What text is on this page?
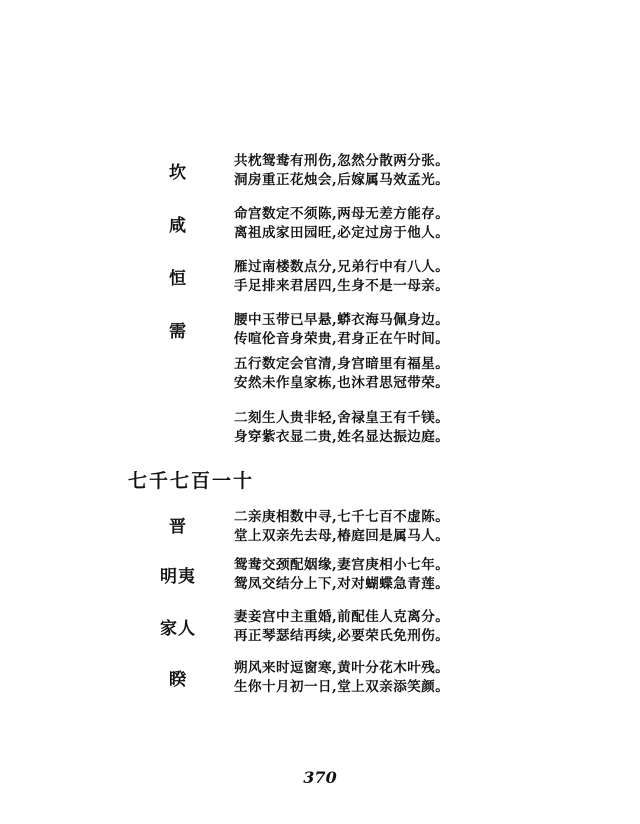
坎
共枕鸳鸯有刑伤,忽然分散两分张。
洞房重正花烛会,后嫁属马效孟光。
咸
命宫数定不须陈,两母无差方能存。
离祖成家田园旺,必定过房于他人。
恒
雁过南楼数点分,兄弟行中有八人。
手足排来君居四,生身不是一母亲。
需
腰中玉带已早悬,蟒衣海马佩身边。
传喧伦音身荣贵,君身正在午时间。
五行数定会官清,身宫暗里有福星。
安然未作皇家栋,也沐君思冠带荣。
二刻生人贵非轻,舍禄皇王有千镁。
身穿紫衣显二贵,姓名显达振边庭。
七千七百一十
晋	二亲庚相数中寻,七千七百不虚陈。
堂上双亲先去母,椿庭回是属马人。
明夷
鸳鸯交颈配姻缘,妻宫庚相小七年。
鸳凤交结分上下,对对蝴蝶急青莲。
家人
妻妾宫中主重婚,前配佳人克离分。
再正琴瑟结再续,必要荣氏免刑伤。
睽
朔风来时逗窗寒,黄叶分花木叶残。
生你十月初一日,堂上双亲添笑颜。
370
